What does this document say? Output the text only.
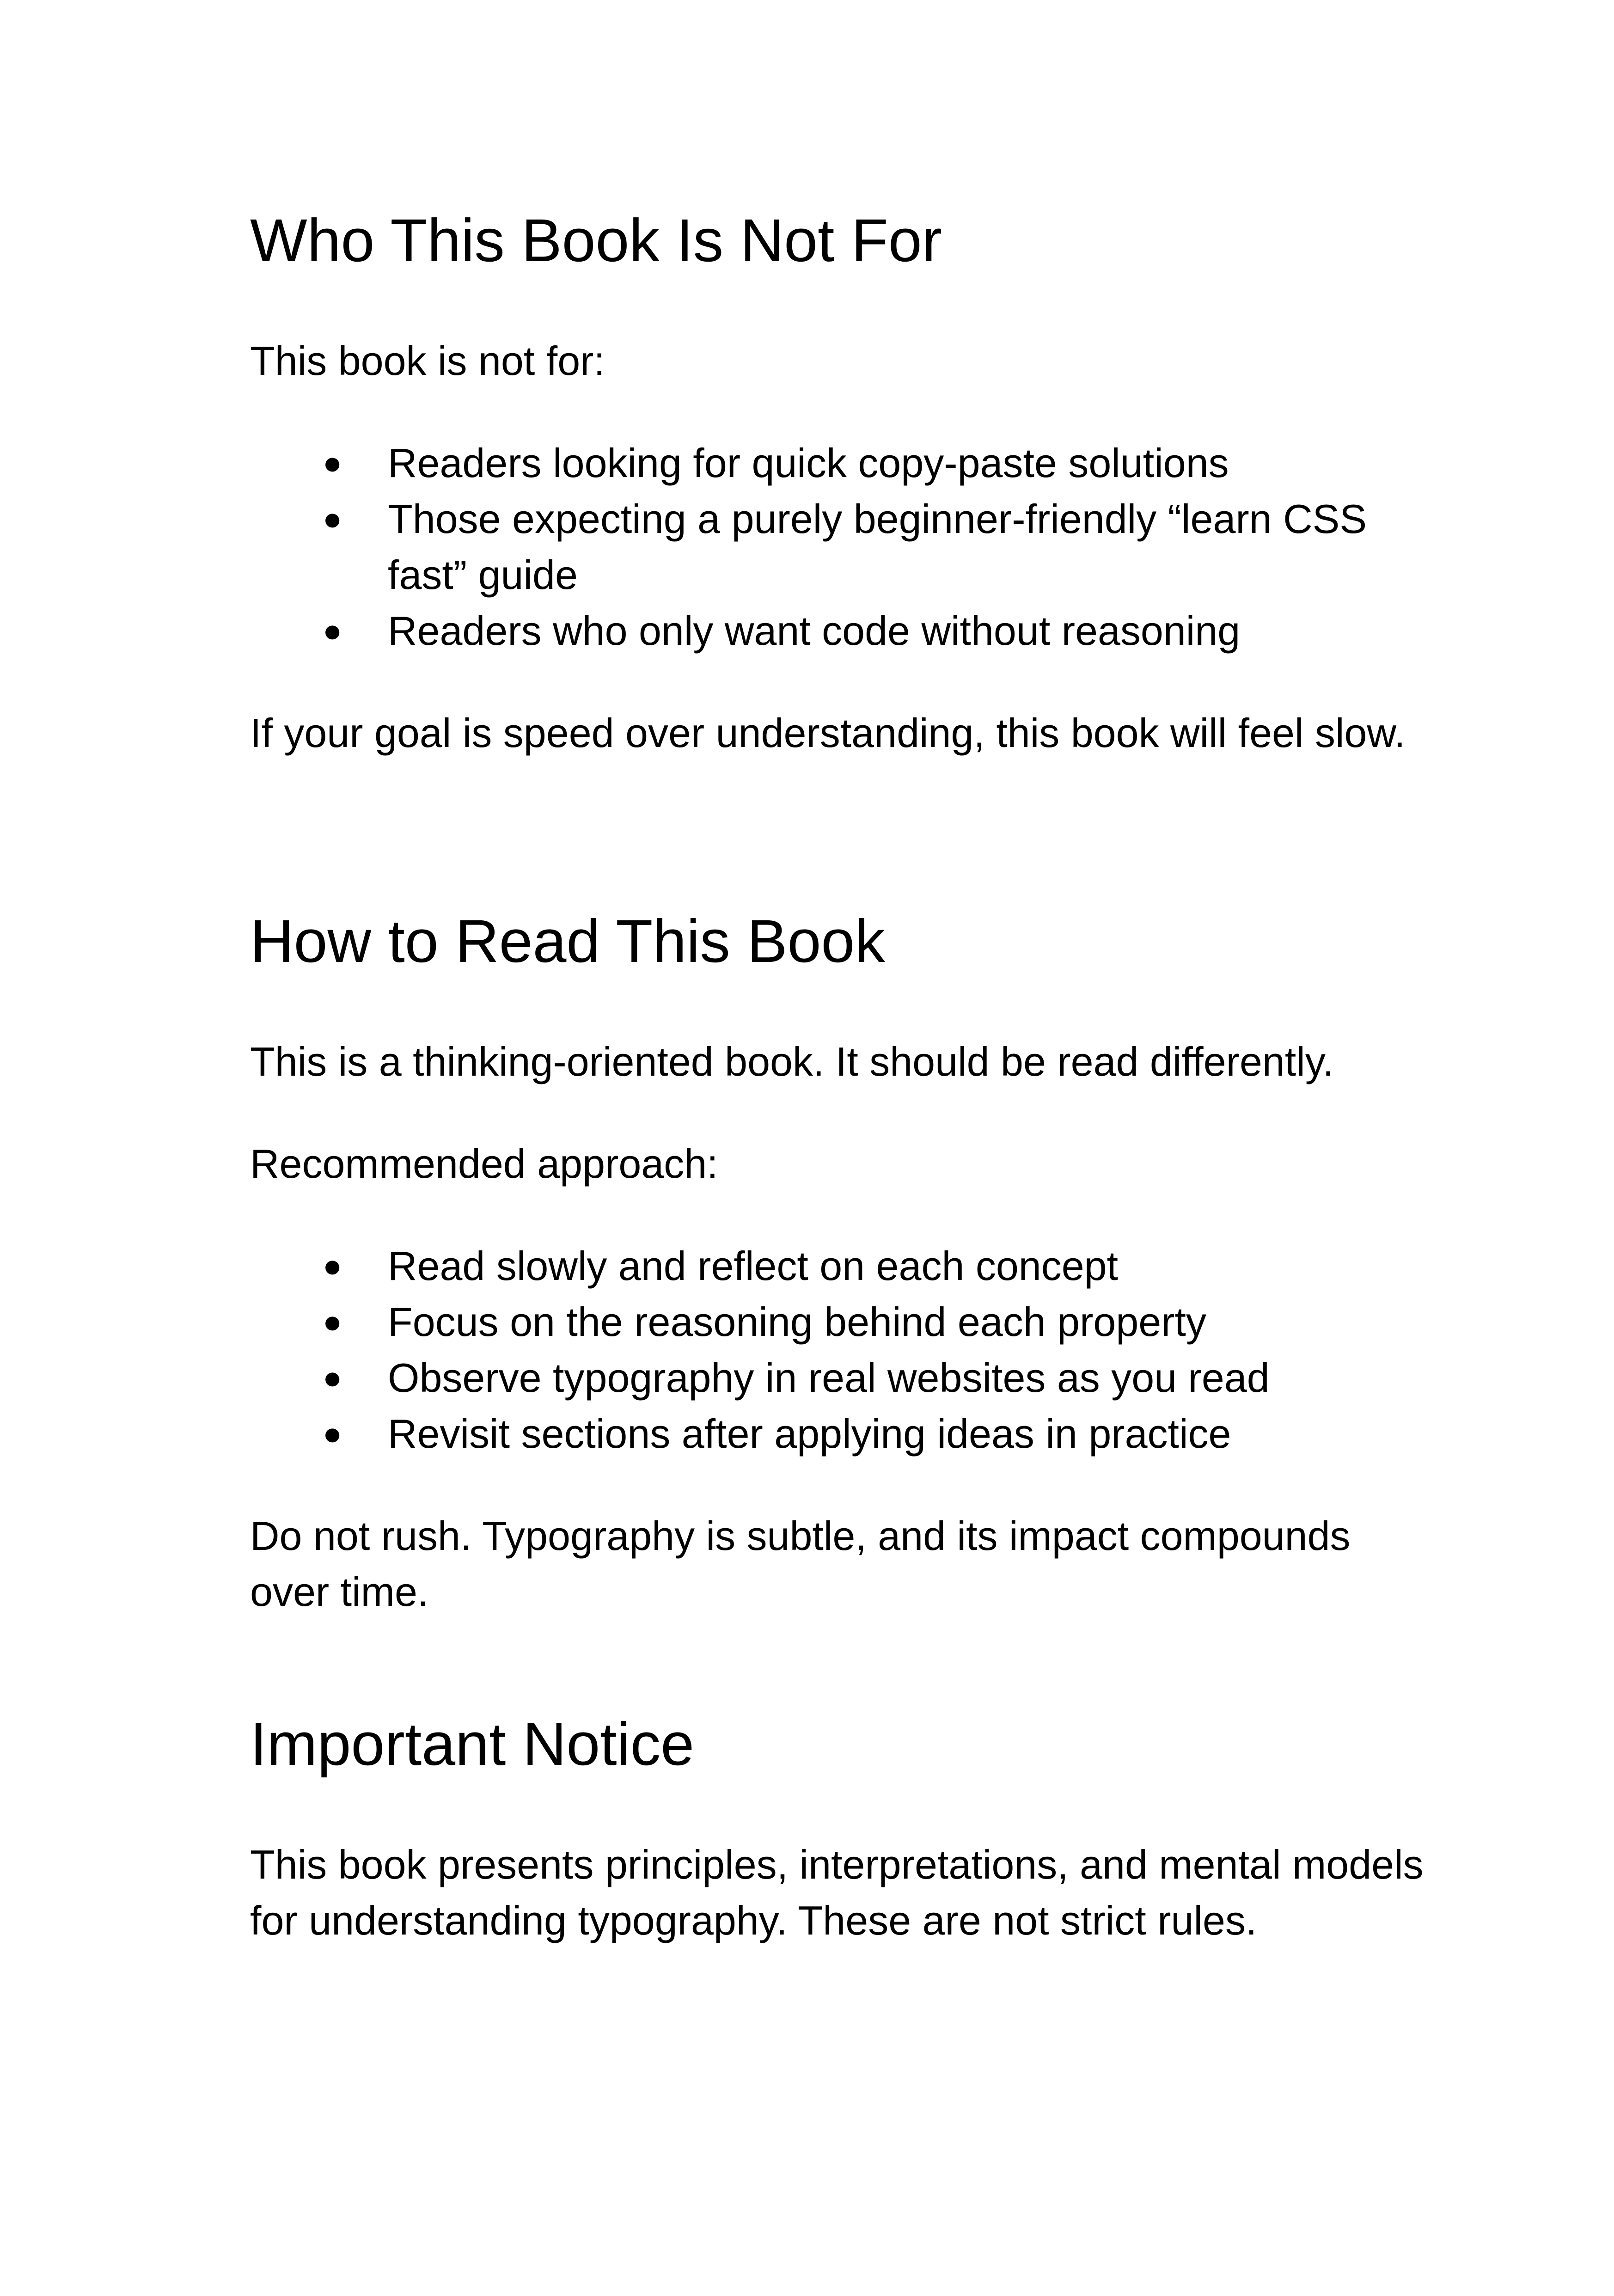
Who This Book Is Not For

This book is not for:

● Readers looking for quick copy-paste solutions
● Those expecting a purely beginner-friendly “learn CSS fast” guide
● Readers who only want code without reasoning

If your goal is speed over understanding, this book will feel slow.

How to Read This Book

This is a thinking-oriented book. It should be read differently.

Recommended approach:

● Read slowly and reflect on each concept
● Focus on the reasoning behind each property
● Observe typography in real websites as you read
● Revisit sections after applying ideas in practice

Do not rush. Typography is subtle, and its impact compounds over time.

Important Notice

This book presents principles, interpretations, and mental models for understanding typography. These are not strict rules.
